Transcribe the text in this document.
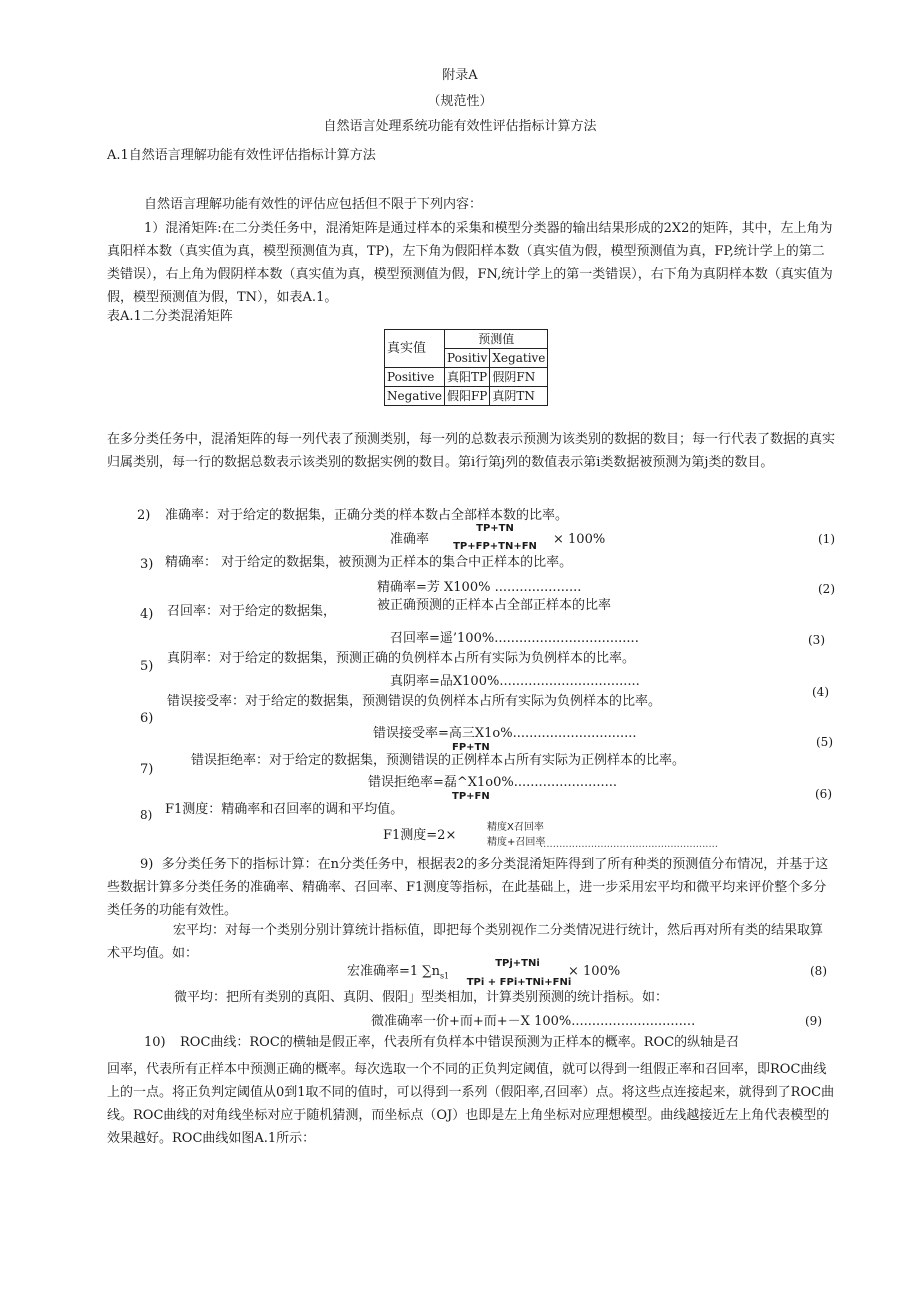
附录A
（规范性）
自然语言处理系统功能有效性评估指标计算方法
A.1自然语言理解功能有效性评估指标计算方法
自然语言理解功能有效性的评估应包括但不限于下列内容：

1）混淆矩阵:在二分类任务中，混淆矩阵是通过样本的采集和模型分类器的输出结果形成的2X2的矩阵，其中，左上角为真阳样本数（真实值为真，模型预测值为真，TP)，左下角为假阳样本数（真实值为假，模型预测值为真，FP,统计学上的第二类错误），右上角为假阴样本数（真实值为真，模型预测值为假，FN,统计学上的第一类错误），右下角为真阴样本数（真实值为假，模型预测值为假，TN），如表A.1。

表A.1二分类混淆矩阵
真实值	预测值	
	Positiv	Xegative
Positive	真阳TP	假阴FN
Negative	假阳FP	真阴TN

在多分类任务中，混淆矩阵的每一列代表了预测类别，每一列的总数表示预测为该类别的数据的数目；每一行代表了数据的真实归属类别，每一行的数据总数表示该类别的数据实例的数目。第i行第j列的数值表示第i类数据被预测为第j类的数目。

2) 准确率：对于给定的数据集，正确分类的样本数占全部样本数的比率。
准确率
TP+TN
TP+FP+TN+FN	× 100%	(1)
3) 精确率： 对于给定的数据集，被预测为正样本的集合中正样本的比率。
精确率=芳 X100% .....................	(2)
4) 召回率：对于给定的数据集，	被正确预测的正样本占全部正样本的比率
召回率=遥’100%...................................	(3)
5)
真阴率：对于给定的数据集，预测正确的负例样本占所有实际为负例样本的比率。
真阴率=品X100%..................................
(4)
错误接受率：对于给定的数据集，预测错误的负例样本占所有实际为负例样本的比率。
6)
错误接受率=高三X1o%..............................
FP+TN	(5)
7)
错误拒绝率：对于给定的数据集，预测错误的正例样本占所有实际为正例样本的比率。
错误拒绝率=磊^X1o0%.........................
TP+FN	(6)
8) F1测度：精确率和召回率的调和平均值。
F1测度=2×
精度X召回率
精度+召回率
........................................................

9) 多分类任务下的指标计算：在n分类任务中，根据表2的多分类混淆矩阵得到了所有种类的预测值分布情况，并基于这些数据计算多分类任务的准确率、精确率、召回率、F1测度等指标，在此基础上，进一步采用宏平均和微平均来评价整个多分类任务的功能有效性。

宏平均：对每一个类别分别计算统计指标值，即把每个类别视作二分类情况进行统计，然后再对所有类的结果取算术平均值。如：

宏准确率=1 $\sum n_{s1}$
TPj+TNi
TPi + FPi+TNi+FNi
× 100%	(8)
微平均：把所有类别的真阳、真阴、假阳」型类相加，计算类别预测的统计指标。如：
微准确率一价+而+而+－X 100%..............................	(9)
10) ROC曲线：ROC的横轴是假正率，代表所有负样本中错误预测为正样本的概率。ROC的纵轴是召

回率，代表所有正样本中预测正确的概率。每次选取一个不同的正负判定阈值，就可以得到一组假正率和召回率，即ROC曲线上的一点。将正负判定阈值从0到1取不同的值时，可以得到一系列（假阳率,召回率）点。将这些点连接起来，就得到了ROC曲线。ROC曲线的对角线坐标对应于随机猜测，而坐标点（OJ）也即是左上角坐标对应理想模型。曲线越接近左上角代表模型的效果越好。ROC曲线如图A.1所示：
